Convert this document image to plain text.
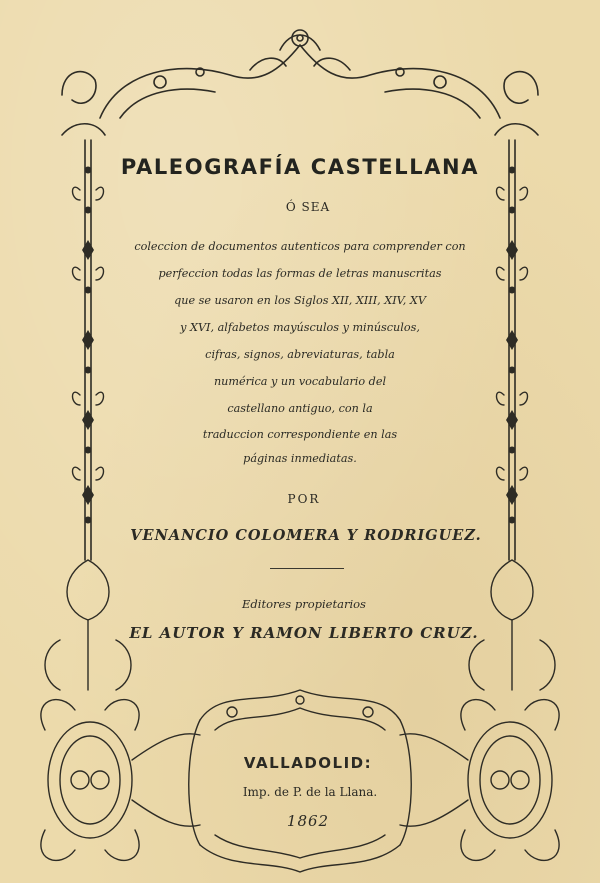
PALEOGRAFÍA CASTELLANA
Ó SEA
coleccion de documentos autenticos para comprender con
perfeccion todas las formas de letras manuscritas
que se usaron en los Siglos XII, XIII, XIV, XV
y XVI, alfabetos mayúsculos y minúsculos,
cifras, signos, abreviaturas, tabla
numérica y un vocabulario del
castellano antiguo, con la
traduccion correspondiente en las
páginas inmediatas.
POR
VENANCIO COLOMERA Y RODRIGUEZ.
Editores propietarios
EL AUTOR Y RAMON LIBERTO CRUZ.
VALLADOLID:
Imp. de P. de la Llana.
1862
